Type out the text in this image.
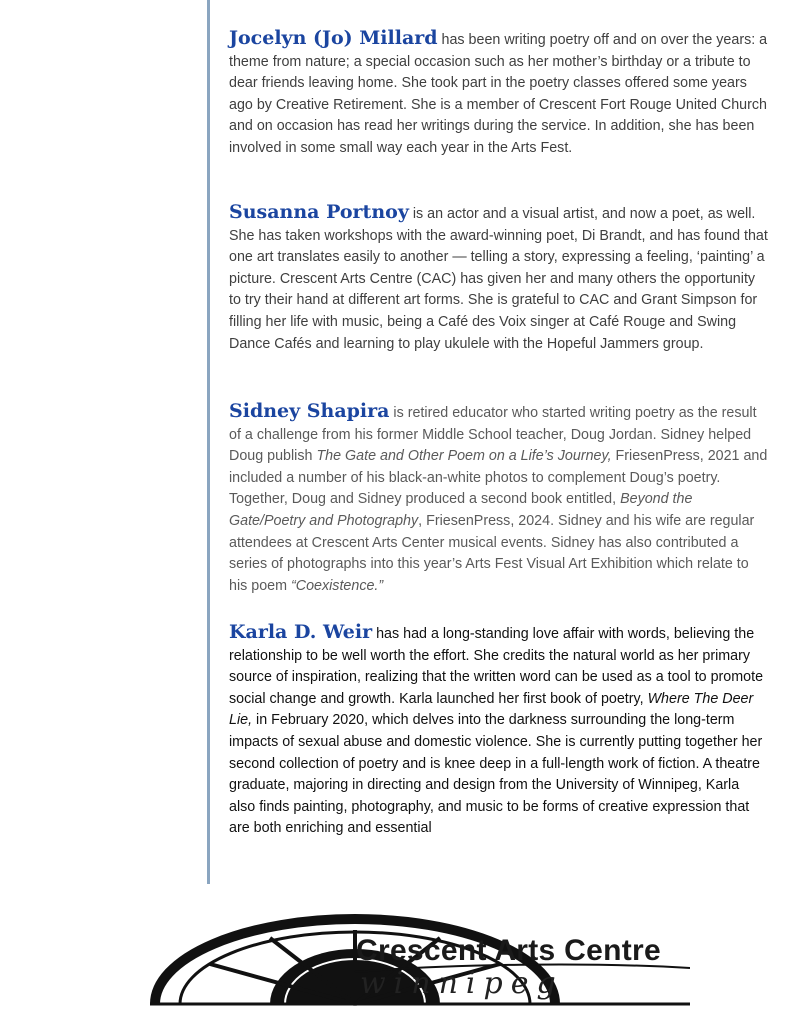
Jocelyn (Jo) Millard has been writing poetry off and on over the years: a theme from nature; a special occasion such as her mother’s birthday or a tribute to dear friends leaving home. She took part in the poetry classes offered some years ago by Creative Retirement. She is a member of Crescent Fort Rouge United Church and on occasion has read her writings during the service. In addition, she has been involved in some small way each year in the Arts Fest.

Susanna Portnoy is an actor and a visual artist, and now a poet, as well. She has taken workshops with the award-winning poet, Di Brandt, and has found that one art translates easily to another — telling a story, expressing a feeling, ‘painting’ a picture. Crescent Arts Centre (CAC) has given her and many others the opportunity to try their hand at different art forms. She is grateful to CAC and Grant Simpson for filling her life with music, being a Café des Voix singer at Café Rouge and Swing Dance Cafés and learning to play ukulele with the Hopeful Jammers group.

Sidney Shapira is retired educator who started writing poetry as the result of a challenge from his former Middle School teacher, Doug Jordan. Sidney helped Doug publish The Gate and Other Poem on a Life’s Journey, FriesenPress, 2021 and included a number of his black-an-white photos to complement Doug’s poetry. Together, Doug and Sidney produced a second book entitled, Beyond the Gate/Poetry and Photography, FriesenPress, 2024. Sidney and his wife are regular attendees at Crescent Arts Center musical events. Sidney has also contributed a series of photographs into this year’s Arts Fest Visual Art Exhibition which relate to his poem “Coexistence.”

Karla D. Weir has had a long-standing love affair with words, believing the relationship to be well worth the effort. She credits the natural world as her primary source of inspiration, realizing that the written word can be used as a tool to promote social change and growth. Karla launched her first book of poetry, Where The Deer Lie, in February 2020, which delves into the darkness surrounding the long-term impacts of sexual abuse and domestic violence. She is currently putting together her second collection of poetry and is knee deep in a full-length work of fiction. A theatre graduate, majoring in directing and design from the University of Winnipeg, Karla also finds painting, photography, and music to be forms of creative expression that are both enriching and essential

Crescent Arts Centre
winnipeg
